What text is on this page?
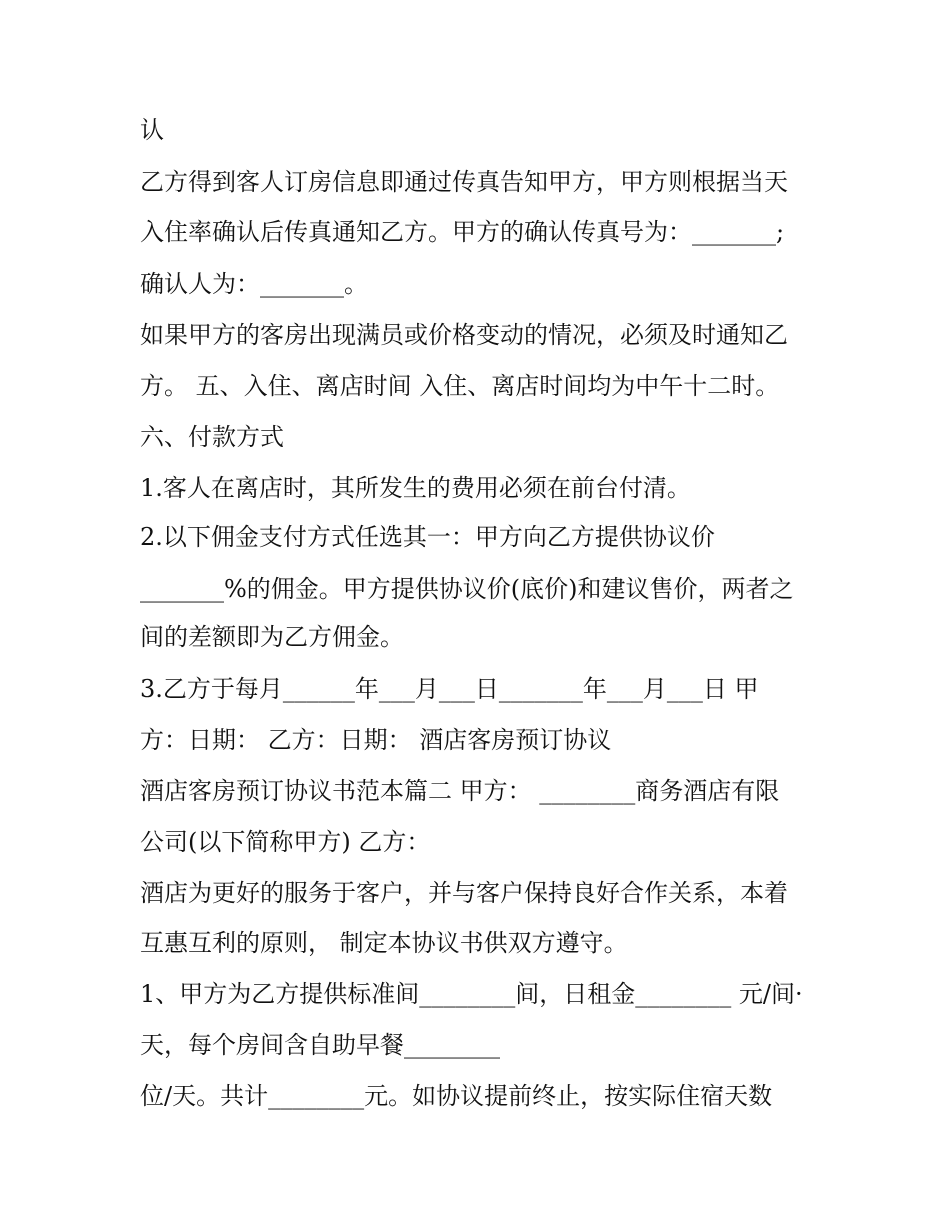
认

乙方得到客人订房信息即通过传真告知甲方，甲方则根据当天

入住率确认后传真通知乙方。甲方的确认传真号为：_______;

确认人为：_______。

如果甲方的客房出现满员或价格变动的情况，必须及时通知乙

方。 五、入住、离店时间 入住、离店时间均为中午十二时。

六、付款方式

1.客人在离店时，其所发生的费用必须在前台付清。

2.以下佣金支付方式任选其一：甲方向乙方提供协议价

_______%的佣金。甲方提供协议价(底价)和建议售价，两者之

间的差额即为乙方佣金。

3.乙方于每月______年___月___日_______年___月___日 甲

方：日期： 乙方：日期： 酒店客房预订协议

酒店客房预订协议书范本篇二 甲方： ________商务酒店有限

公司(以下简称甲方) 乙方：

酒店为更好的服务于客户，并与客户保持良好合作关系，本着

互惠互利的原则， 制定本协议书供双方遵守。

1、甲方为乙方提供标准间________间，日租金________ 元/间·

天，每个房间含自助早餐________

位/天。共计________元。如协议提前终止，按实际住宿天数
